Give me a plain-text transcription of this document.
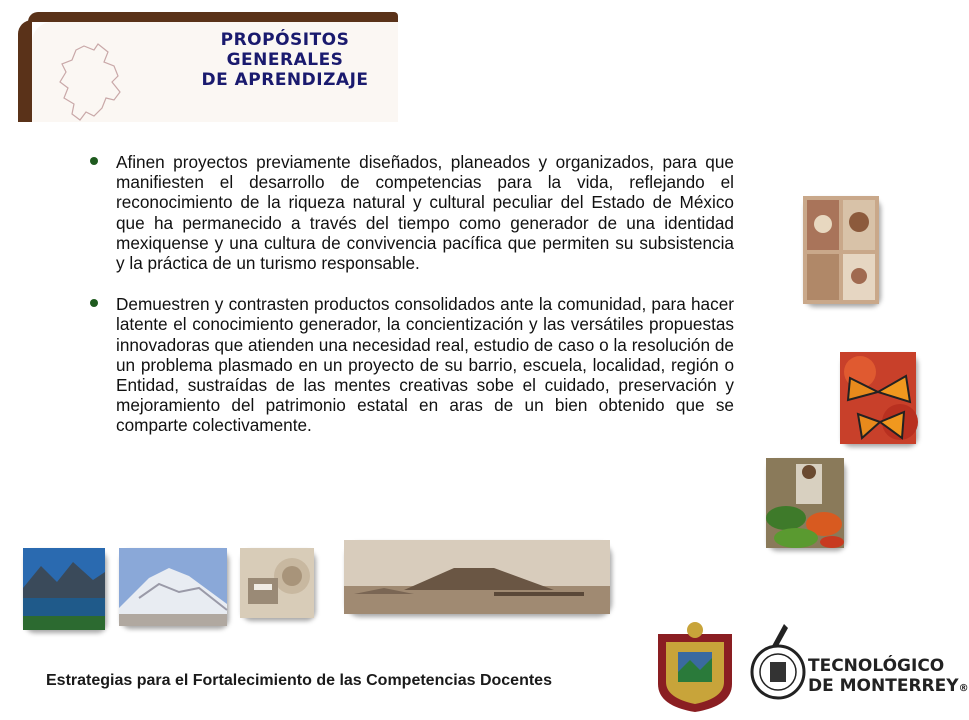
PROPÓSITOS
GENERALES
DE APRENDIZAJE

Afinen proyectos previamente diseñados, planeados y organizados, para que manifiesten el desarrollo de competencias para la vida, reflejando el reconocimiento de la riqueza natural y cultural peculiar del Estado de México que ha permanecido a través del tiempo como generador de una identidad mexiquense y una cultura de convivencia pacífica que permiten su subsistencia y la práctica de un turismo responsable.

Demuestren y contrasten productos consolidados ante la comunidad, para hacer latente el conocimiento generador, la concientización y las versátiles propuestas innovadoras que atienden una necesidad real, estudio de caso o la resolución de un problema plasmado en un proyecto de su barrio, escuela, localidad, región o Entidad, sustraídas de las mentes creativas sobe el cuidado, preservación y mejoramiento del patrimonio estatal en aras de un bien obtenido que se comparte colectivamente.

TECNOLÓGICO
DE MONTERREY®
Estrategias para el Fortalecimiento de las Competencias Docentes
